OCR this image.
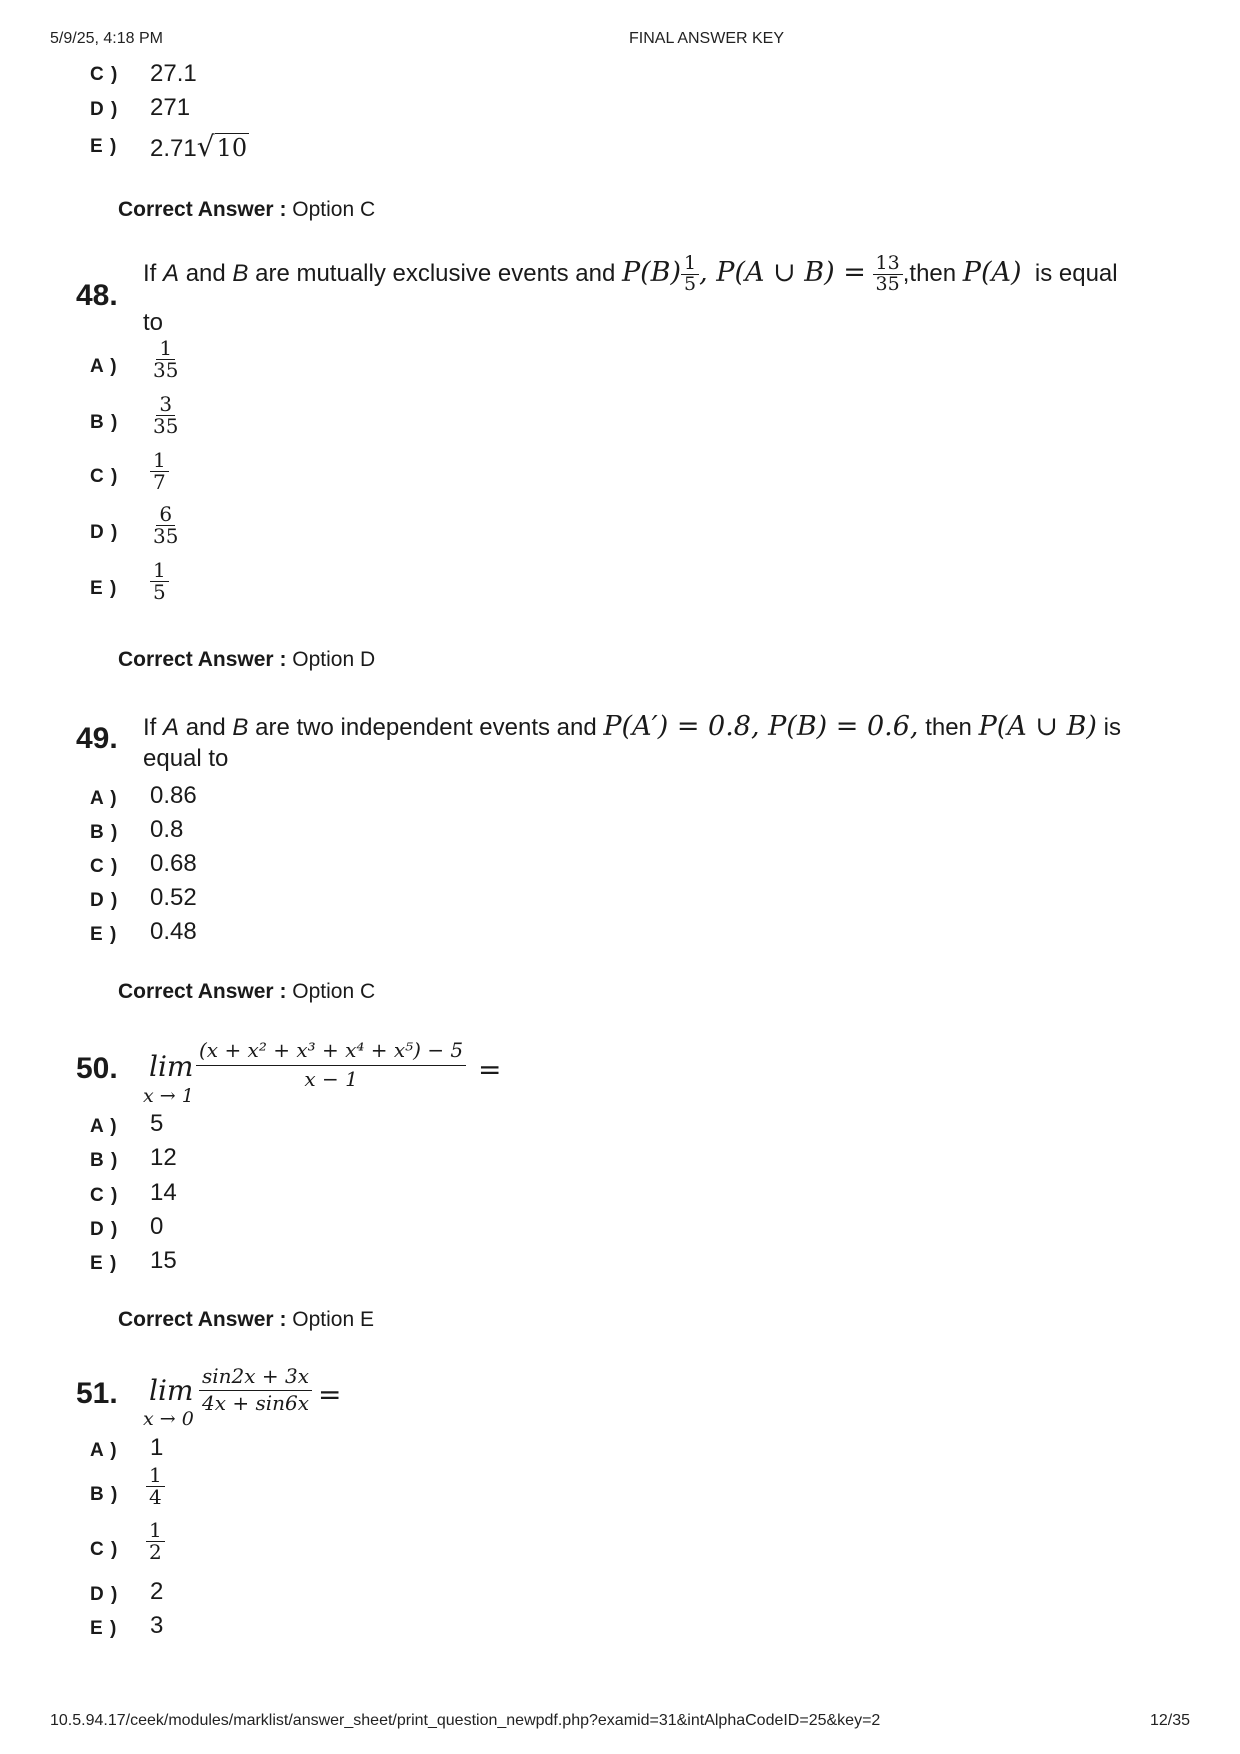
5/9/25, 4:18 PM	FINAL ANSWER KEY
C ) 27.1
D ) 271
E ) 2.71√10
Correct Answer : Option C
48.
If A and B are mutually exclusive events and $P(B) \frac{1}{5}$ , P(A ∪ $B) = \frac{13}{35}$ ,then P(A) is equal
to
A ) $\frac{1}{35}$
B ) $\frac{3}{35}$
C ) $\frac{1}{7}$
D ) $\frac{6}{35}$
E ) $\frac{1}{5}$
Correct Answer : Option D
49. If A and B are two independent events and P(A′) = 0.8, P(B) = 0.6, then P(A ∪ B) is
equal to
A ) 0.86
B ) 0.8
C ) 0.68
D ) 0.52
E ) 0.48
Correct Answer : Option C
50. lim
x → 1
$\frac{\text{(x + x² + x³ + x⁴ + x⁵) − 5}}{x - 1}$ =
A ) 5
B ) 12
C ) 14
D ) 0
E ) 15
Correct Answer : Option E
51. lim
x → 0
$\frac{\sin 2x + 3x}{4x + \sin 6x}$ =
A ) 1
B ) $\frac{1}{4}$
C ) $\frac{1}{2}$
D ) 2
E ) 3
10.5.94.17/ceek/modules/marklist/answer_sheet/print_question_newpdf.php?examid=31&intAlphaCodeID=25&key=2	12/35
